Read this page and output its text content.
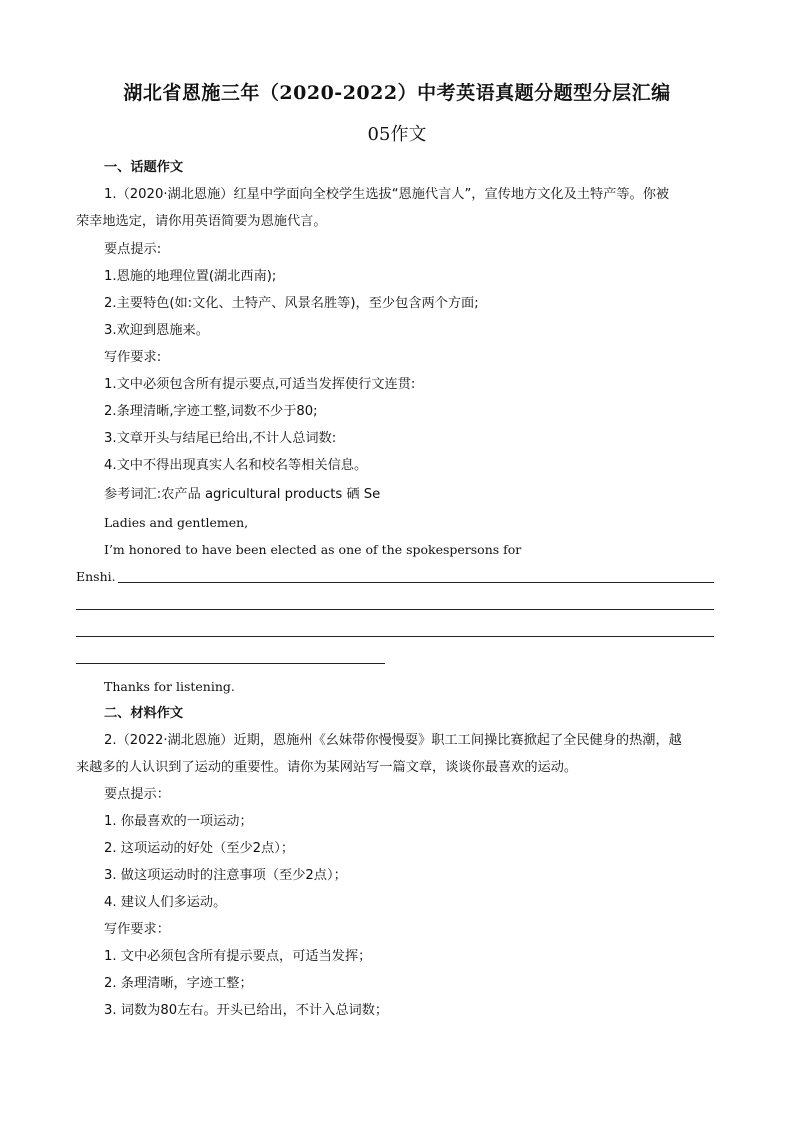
湖北省恩施三年（2020-2022）中考英语真题分题型分层汇编
05作文
一、话题作文
1.（2020·湖北恩施）红星中学面向全校学生选拔“恩施代言人”，宣传地方文化及土特产等。你被
荣幸地选定，请你用英语简要为恩施代言。
要点提示:
1.恩施的地理位置(湖北西南);
2.主要特色(如:文化、土特产、风景名胜等)，至少包含两个方面;
3.欢迎到恩施来。
写作要求:
1.文中必须包含所有提示要点,可适当发挥使行文连贯:
2.条理清晰,字迹工整,词数不少于80;
3.文章开头与结尾已给出,不计人总词数:
4.文中不得出现真实人名和校名等相关信息。
参考词汇:农产品 agricultural products 硒 Se
Ladies and gentlemen,
I’m honored to have been elected as one of the spokespersons for
Enshi.
Thanks for listening.
二、材料作文
2.（2022·湖北恩施）近期，恩施州《幺妹带你慢慢耍》职工工间操比赛掀起了全民健身的热潮，越
来越多的人认识到了运动的重要性。请你为某网站写一篇文章，谈谈你最喜欢的运动。
要点提示：
1. 你最喜欢的一项运动；
2. 这项运动的好处（至少2点）；
3. 做这项运动时的注意事项（至少2点）；
4. 建议人们多运动。
写作要求：
1. 文中必须包含所有提示要点，可适当发挥；
2. 条理清晰，字迹工整；
3. 词数为80左右。开头已给出，不计入总词数；
